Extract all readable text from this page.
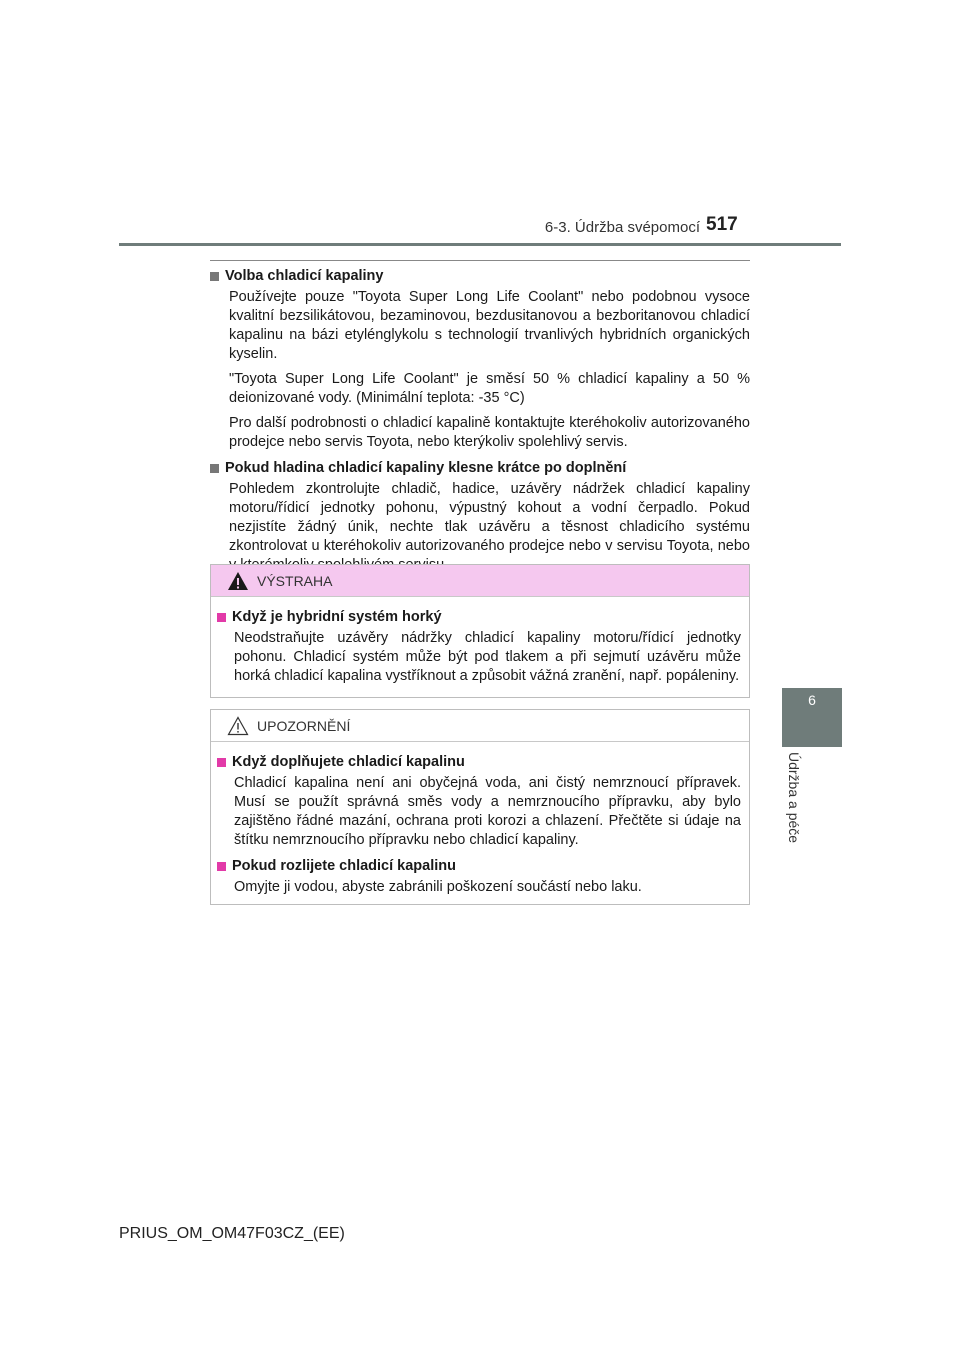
6-3. Údržba svépomocí 517
6
Údržba a péče
Volba chladicí kapaliny
Používejte pouze "Toyota Super Long Life Coolant" nebo podobnou vysoce kvalitní bezsilikátovou, bezaminovou, bezdusitanovou a bezboritanovou chladicí kapalinu na bázi etylénglykolu s technologií trvanlivých hybridních organických kyselin.
"Toyota Super Long Life Coolant" je směsí 50 % chladicí kapaliny a 50 % deionizované vody. (Minimální teplota: -35 °C)
Pro další podrobnosti o chladicí kapalině kontaktujte kteréhokoliv autorizovaného prodejce nebo servis Toyota, nebo kterýkoliv spolehlivý servis.
Pokud hladina chladicí kapaliny klesne krátce po doplnění
Pohledem zkontrolujte chladič, hadice, uzávěry nádržek chladicí kapaliny motoru/řídicí jednotky pohonu, výpustný kohout a vodní čerpadlo. Pokud nezjistíte žádný únik, nechte tlak uzávěru a těsnost chladicího systému zkontrolovat u kteréhokoliv autorizovaného prodejce nebo v servisu Toyota, nebo
VÝSTRAHA
Když je hybridní systém horký
Neodstraňujte uzávěry nádržky chladicí kapaliny motoru/řídicí jednotky pohonu. Chladicí systém může být pod tlakem a při sejmutí uzávěru může horká chladicí kapalina vystříknout a způsobit vážná zranění, např. popáleniny.
UPOZORNĚNÍ
Když doplňujete chladicí kapalinu
Chladicí kapalina není ani obyčejná voda, ani čistý nemrznoucí přípravek. Musí se použít správná směs vody a nemrznoucího přípravku, aby bylo zajištěno řádné mazání, ochrana proti korozi a chlazení. Přečtěte si údaje na štítku nemrznoucího přípravku nebo chladicí kapaliny.
Pokud rozlijete chladicí kapalinu
Omyjte ji vodou, abyste zabránili poškození součástí nebo laku.
PRIUS_OM_OM47F03CZ_(EE)
